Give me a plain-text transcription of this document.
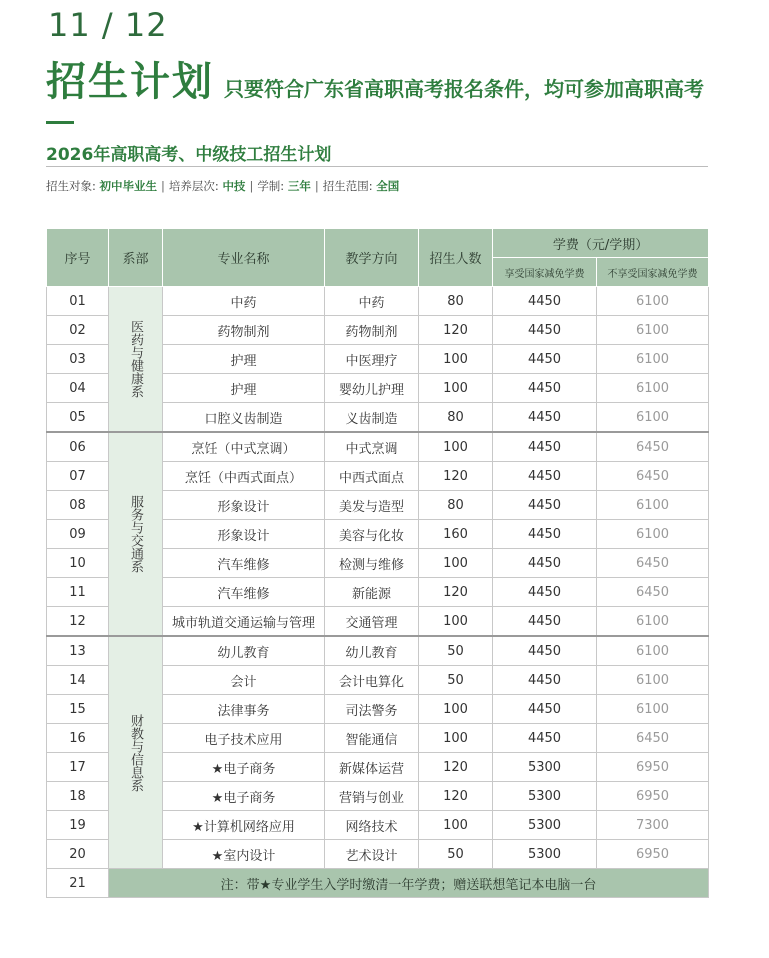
11 / 12
招生计划 只要符合广东省高职高考报名条件，均可参加高职高考
2026年高职高考、中级技工招生计划
招生对象: 初中毕业生 | 培养层次: 中技 | 学制: 三年 | 招生范围: 全国
序号	系部	专业名称	教学方向	招生人数	学费（元/学期）	
					享受国家减免学费	不享受国家减免学费
01	医药与健康系	中药	中药	80	4450	6100
02		药物制剂	药物制剂	120	4450	6100
03		护理	中医理疗	100	4450	6100
04		护理	婴幼儿护理	100	4450	6100
05		口腔义齿制造	义齿制造	80	4450	6100
06	服务与交通系	烹饪（中式烹调）	中式烹调	100	4450	6450
07		烹饪（中西式面点）	中西式面点	120	4450	6450
08		形象设计	美发与造型	80	4450	6100
09		形象设计	美容与化妆	160	4450	6100
10		汽车维修	检测与维修	100	4450	6450
11		汽车维修	新能源	120	4450	6450
12		城市轨道交通运输与管理	交通管理	100	4450	6100
13	财教与信息系	幼儿教育	幼儿教育	50	4450	6100
14		会计	会计电算化	50	4450	6100
15		法律事务	司法警务	100	4450	6100
16		电子技术应用	智能通信	100	4450	6450
17		★电子商务	新媒体运营	120	5300	6950
18		★电子商务	营销与创业	120	5300	6950
19		★计算机网络应用	网络技术	100	5300	7300
20		★室内设计	艺术设计	50	5300	6950
21	注：带★专业学生入学时缴清一年学费；赠送联想笔记本电脑一台					
